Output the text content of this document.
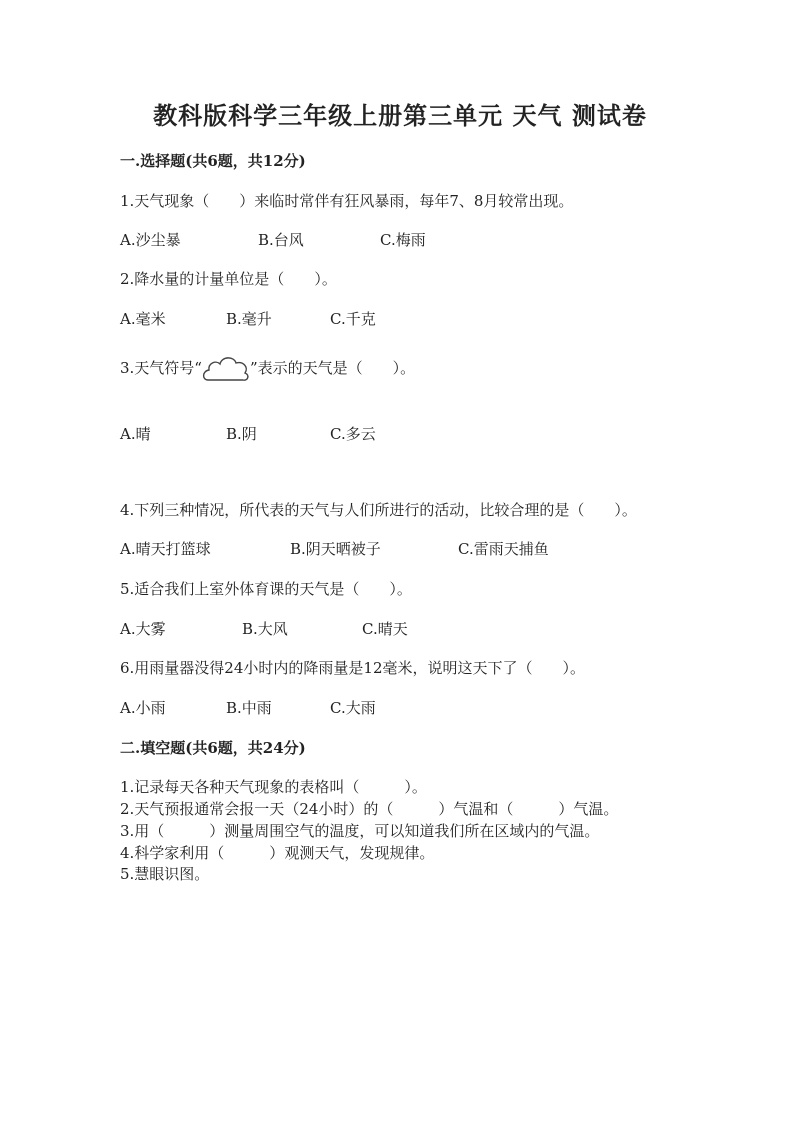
教科版科学三年级上册第三单元 天气 测试卷
一.选择题(共6题，共12分)
1.天气现象（　　）来临时常伴有狂风暴雨，每年7、8月较常出现。
A.沙尘暴	B.台风	C.梅雨
2.降水量的计量单位是（　　）。
A.毫米	B.毫升	C.千克
3.天气符号“	”表示的天气是（　　）。
A.晴	B.阴	C.多云
4.下列三种情况，所代表的天气与人们所进行的活动，比较合理的是（　　）。
A.晴天打篮球	B.阴天晒被子	C.雷雨天捕鱼
5.适合我们上室外体育课的天气是（　　）。
A.大雾	B.大风	C.晴天
6.用雨量器没得24小时内的降雨量是12毫米，说明这天下了（　　）。
A.小雨	B.中雨	C.大雨
二.填空题(共6题，共24分)
1.记录每天各种天气现象的表格叫（　　　）。
2.天气预报通常会报一天（24小时）的（　　　）气温和（　　　）气温。
3.用（　　　）测量周围空气的温度，可以知道我们所在区域内的气温。
4.科学家利用（　　　）观测天气，发现规律。
5.慧眼识图。
